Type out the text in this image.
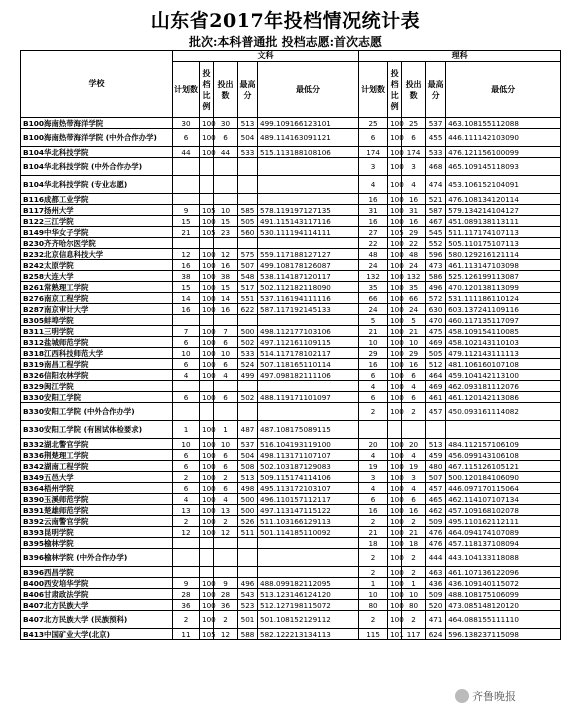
山东省2017年投档情况统计表
批次:本科普通批 投档志愿:首次志愿
学校	文科					理科				
	计划数	投档比例	投出数	最高分	最低分	计划数	投档比例	投出数	最高分	最低分
B100海南热带海洋学院	30	100	30	513	499.109166123101	25	100	25	537	463.108155112088
B100海南热带海洋学院 (中外合作办学)	6	100	6	504	489.114163091121	6	100	6	455	446.111142103090
B104华北科技学院	44	100	44	533	515.113188108106	174	100	174	533	476.121156100099
B104华北科技学院 (中外合作办学)						3	100	3	468	465.109145118093
B104华北科技学院 (专业志愿)						4	100	4	474	453.106152104091
B116成都工业学院						16	100	16	521	476.108134120114
B117扬州大学	9	105	10	585	578.119197127135	31	100	31	587	579.134214104127
B122三江学院	15	100	15	505	491.115143117116	16	100	16	467	451.089138113111
B149中华女子学院	21	105	23	560	530.111194114111	27	105	29	545	511.117174107113
B230齐齐哈尔医学院						22	100	22	552	505.110175107113
B232北京信息科技大学	12	100	12	575	559.117188127127	48	100	48	596	580.129216121114
B242太原学院	16	100	16	507	499.108178126087	24	100	24	473	461.113147103098
B258大连大学	38	100	38	548	538.114187120117	132	100	132	586	525.126199113087
B261常熟理工学院	15	100	15	517	502.112182118090	35	100	35	496	470.120138113099
B276南京工程学院	14	100	14	551	537.116194111116	66	100	66	572	531.111186110124
B287南京审计大学	16	100	16	622	587.117192145133	24	100	24	630	603.137241109116
B305蚌埠学院						5	100	5	470	460.117135117097
B311三明学院	7	100	7	500	498.112177103106	21	100	21	475	458.109154110085
B312盐城师范学院	6	100	6	502	497.112161109115	10	100	10	469	458.102143110103
B318江西科技师范大学	10	100	10	533	514.117178102117	29	100	29	505	479.112143111113
B319南昌工程学院	6	100	6	524	507.118165110114	16	100	16	512	481.106160107108
B326信阳农林学院	4	100	4	499	497.098182111106	6	100	6	464	459.104142113100
B329闽江学院						4	100	4	469	462.093181112076
B330安阳工学院	6	100	6	502	488.119171101097	6	100	6	461	461.120142113086
B330安阳工学院 (中外合作办学)						2	100	2	457	450.093161114082
B330安阳工学院 (有困试体检要求)	1	100	1	487	487.108175089115					
B332湖北警官学院	10	100	10	537	516.104193119100	20	100	20	513	484.112157106109
B336荆楚理工学院	6	100	6	504	498.113171107107	4	100	4	459	456.099143106108
B342湖南工程学院	6	100	6	508	502.103187129083	19	100	19	480	467.115126105121
B349五邑大学	2	100	2	513	509.115174114106	3	100	3	507	500.120184106090
B364梧州学院	6	100	6	498	495.113172103107	4	100	4	457	446.097170115064
B390玉溪师范学院	4	100	4	500	496.110157112117	6	100	6	465	462.114107107134
B391楚雄师范学院	13	100	13	500	497.113147115122	16	100	16	462	457.109168102078
B392云南警官学院	2	100	2	526	511.103166129113	2	100	2	509	495.110162112111
B393昆明学院	12	100	12	511	501.114185110092	21	100	21	476	464.094174107089
B395榆林学院						18	100	18	476	457.118137108094
B396榆林学院 (中外合作办学)						2	100	2	444	443.104133118088
B396西昌学院						2	100	2	463	461.107136122096
B400西安培华学院	9	100	9	496	488.099182112095	1	100	1	436	436.109140115072
B406甘肃政法学院	28	100	28	543	513.123146124120	10	100	10	509	488.108175106099
B407北方民族大学	36	100	36	523	512.127198115072	80	100	80	520	473.085148120120
B407北方民族大学 (民族预科)	2	100	2	501	501.108152129112	2	100	2	471	464.088155111110
B413中国矿业大学(北京)	11	105	12	588	582.122213134113	115	101	117	624	596.138237115098
齐鲁晚报
